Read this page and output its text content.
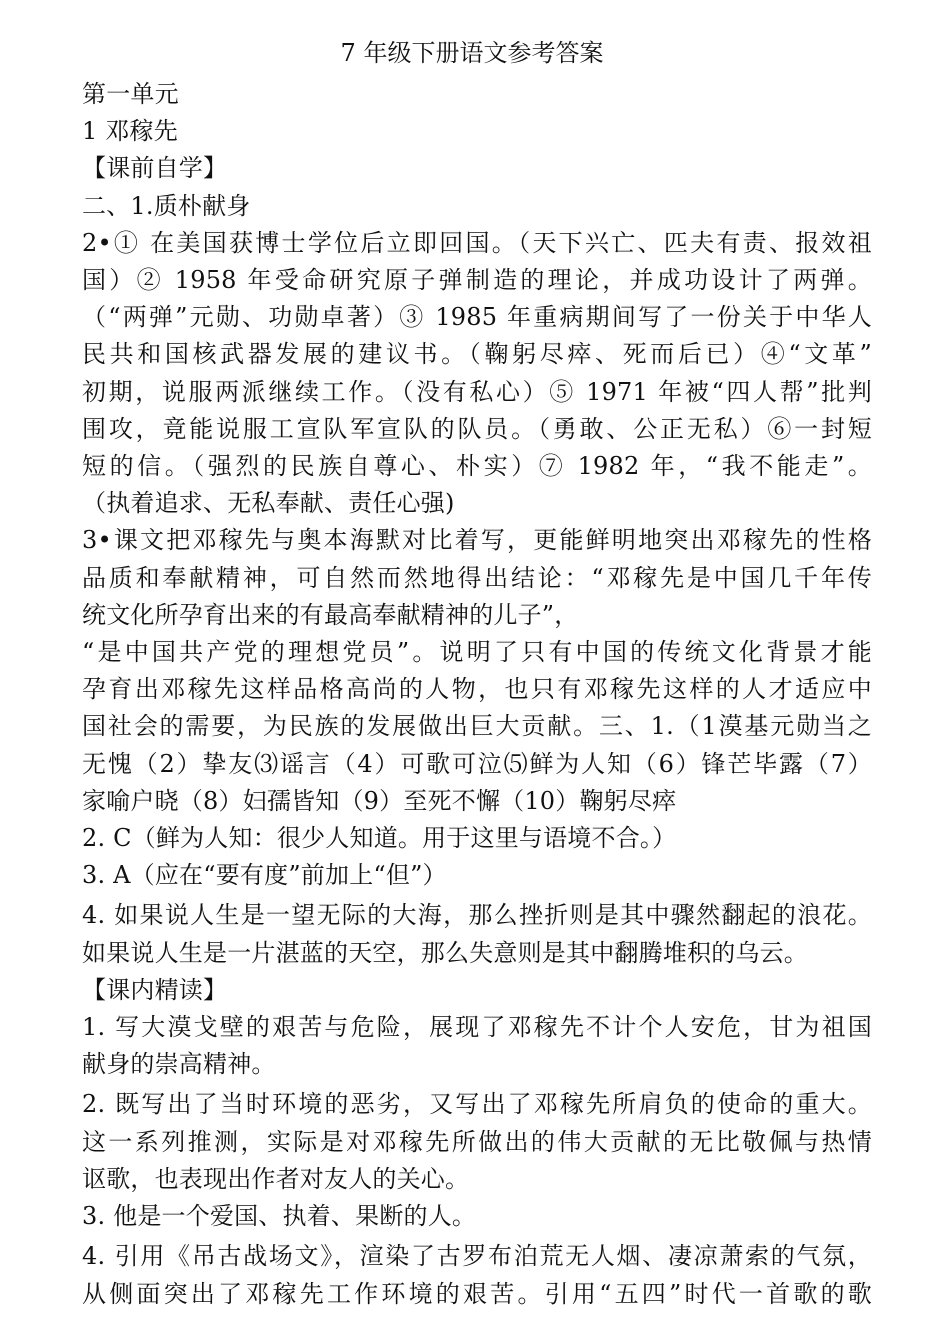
7 年级下册语文参考答案
第一单元
1 邓稼先
【课前自学】
二、1.质朴献身
2•① 在美国获博士学位后立即回国。（天下兴亡、匹夫有责、报效祖
国）② 1958 年受命研究原子弹制造的理论，并成功设计了两弹。
（“两弹”元勋、功勋卓著）③ 1985 年重病期间写了一份关于中华人
民共和国核武器发展的建议书。（鞠躬尽瘁、死而后已）④“文革”
初期，说服两派继续工作。（没有私心）⑤ 1971 年被“四人帮”批判
围攻，竟能说服工宣队军宣队的队员。（勇敢、公正无私）⑥一封短
短的信。（强烈的民族自尊心、朴实）⑦ 1982 年，“我不能走”。
（执着追求、无私奉献、责任心强)
3•课文把邓稼先与奥本海默对比着写，更能鲜明地突出邓稼先的性格
品质和奉献精神，可自然而然地得出结论：“邓稼先是中国几千年传
统文化所孕育出来的有最高奉献精神的儿子”，
“是中国共产党的理想党员”。说明了只有中国的传统文化背景才能
孕育出邓稼先这样品格高尚的人物，也只有邓稼先这样的人才适应中
国社会的需要，为民族的发展做出巨大贡献。三、1.（1漠基元勋当之
无愧（2）挚友⑶谣言（4）可歌可泣⑸鲜为人知（6）锋芒毕露（7）
家喻户晓（8）妇孺皆知（9）至死不懈（10）鞠躬尽瘁
2. C（鲜为人知：很少人知道。用于这里与语境不合。）
3. A（应在“要有度”前加上“但”）
4. 如果说人生是一望无际的大海，那么挫折则是其中骤然翻起的浪花。
如果说人生是一片湛蓝的天空，那么失意则是其中翻腾堆积的乌云。
【课内精读】
1. 写大漠戈壁的艰苦与危险，展现了邓稼先不计个人安危，甘为祖国
献身的崇高精神。
2. 既写出了当时环境的恶劣，又写出了邓稼先所肩负的使命的重大。
这一系列推测，实际是对邓稼先所做出的伟大贡献的无比敬佩与热情
讴歌，也表现出作者对友人的关心。
3. 他是一个爱国、执着、果断的人。
4. 引用《吊古战场文》，渲染了古罗布泊荒无人烟、凄凉萧索的气氛，
从侧面突出了邓稼先工作环境的艰苦。引用“五四”时代一首歌的歌
